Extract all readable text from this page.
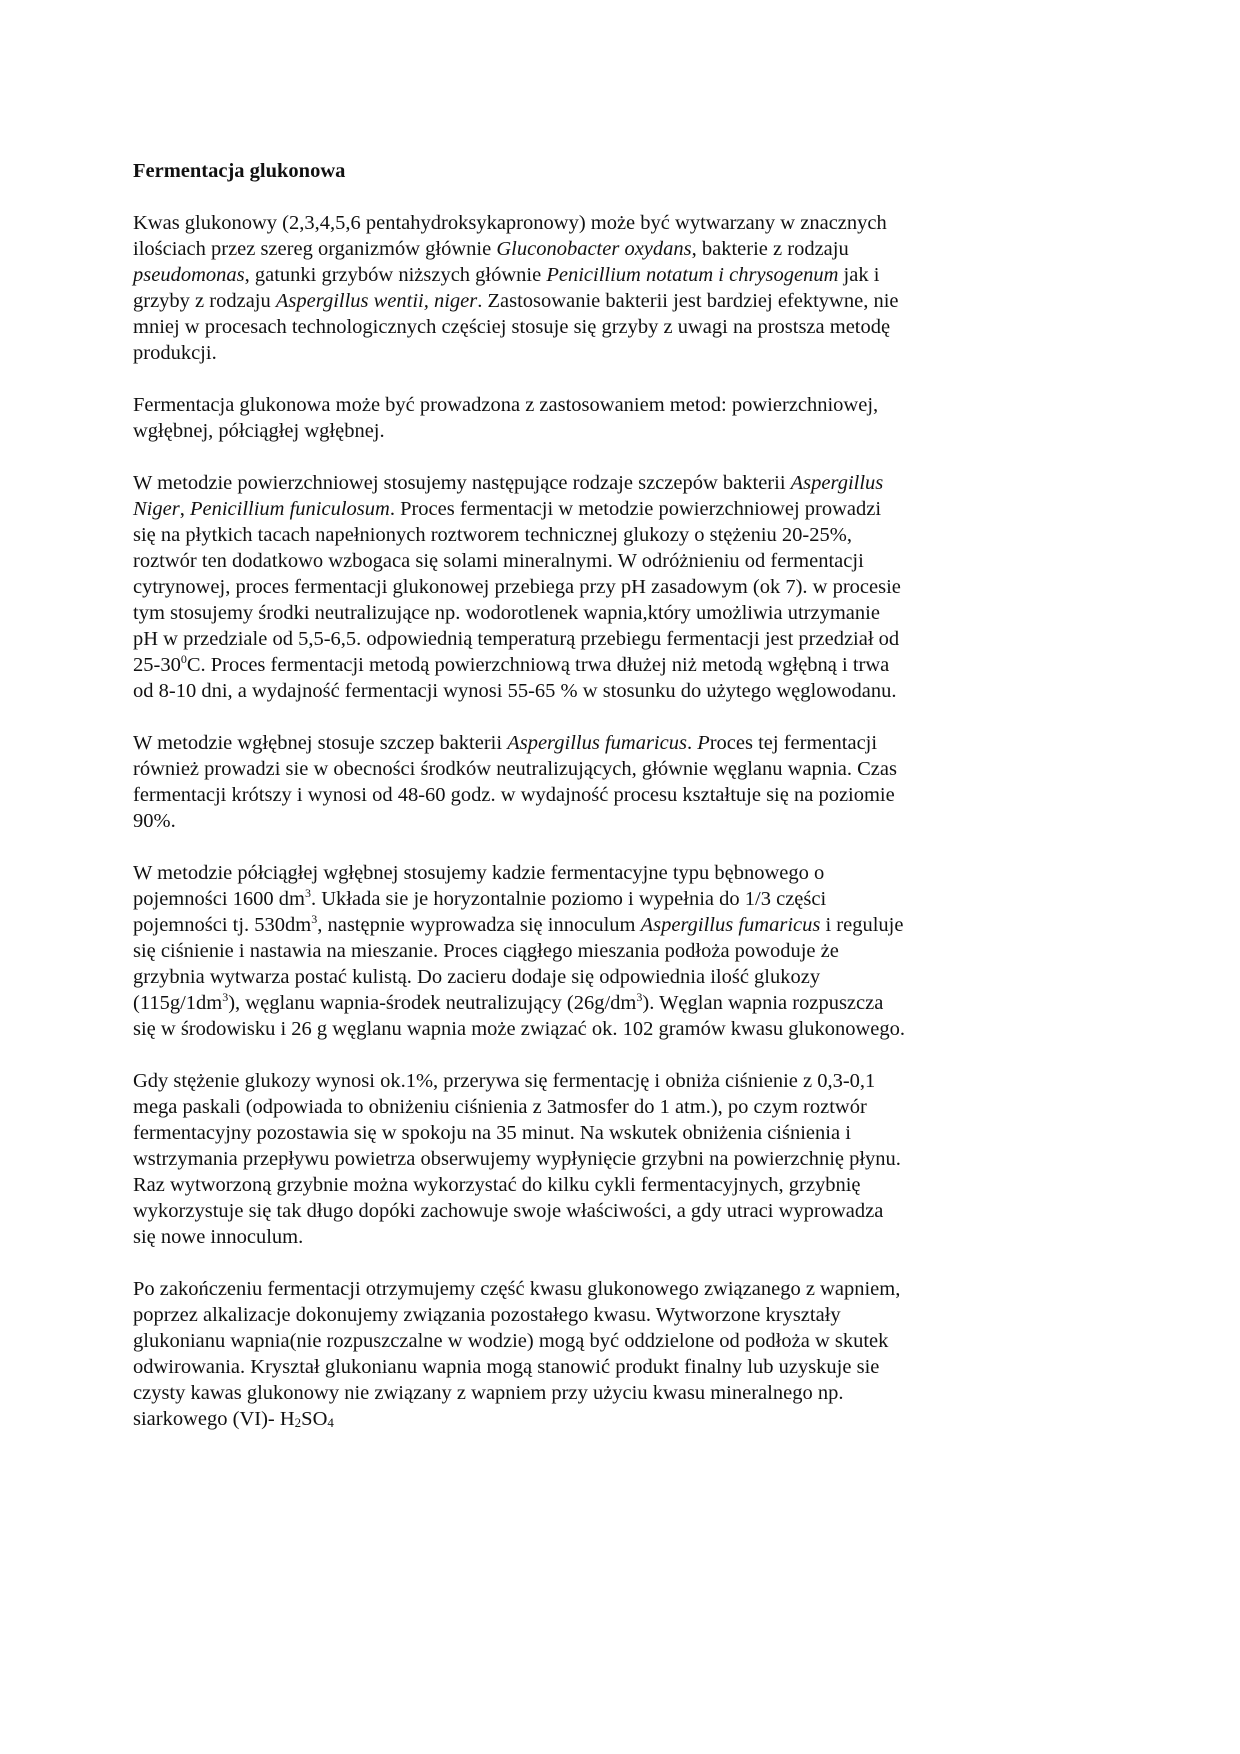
Fermentacja glukonowa
Kwas glukonowy (2,3,4,5,6 pentahydroksykapronowy) może być wytwarzany w znacznych
ilościach przez szereg organizmów głównie Gluconobacter oxydans, bakterie z rodzaju
pseudomonas, gatunki grzybów niższych głównie Penicillium notatum i chrysogenum jak i
grzyby z rodzaju Aspergillus wentii, niger. Zastosowanie bakterii jest bardziej efektywne, nie
mniej w procesach technologicznych częściej stosuje się grzyby z uwagi na prostsza metodę
produkcji.
Fermentacja glukonowa może być prowadzona z zastosowaniem metod: powierzchniowej,
wgłębnej, półciągłej wgłębnej.
W metodzie powierzchniowej stosujemy następujące rodzaje szczepów bakterii Aspergillus
Niger, Penicillium funiculosum. Proces fermentacji w metodzie powierzchniowej prowadzi
się na płytkich tacach napełnionych roztworem technicznej glukozy o stężeniu 20-25%,
roztwór ten dodatkowo wzbogaca się solami mineralnymi. W odróżnieniu od fermentacji
cytrynowej, proces fermentacji glukonowej przebiega przy pH zasadowym (ok 7). w procesie
tym stosujemy środki neutralizujące np. wodorotlenek wapnia,który umożliwia utrzymanie
pH w przedziale od 5,5-6,5. odpowiednią temperaturą przebiegu fermentacji jest przedział od
$25-30^0C$. Proces fermentacji metodą powierzchniową trwa dłużej niż metodą wgłębną i trwa
od 8-10 dni, a wydajność fermentacji wynosi 55-65 % w stosunku do użytego węglowodanu.
W metodzie wgłębnej stosuje szczep bakterii Aspergillus fumaricus. Proces tej fermentacji
również prowadzi sie w obecności środków neutralizujących, głównie węglanu wapnia. Czas
fermentacji krótszy i wynosi od 48-60 godz. w wydajność procesu kształtuje się na poziomie
90%.
W metodzie półciągłej wgłębnej stosujemy kadzie fermentacyjne typu bębnowego o
pojemności 1600 $dm^3$. Układa sie je horyzontalnie poziomo i wypełnia do 1/3 części
pojemności tj. $530dm^3$, następnie wyprowadza się innoculum Aspergillus fumaricus i reguluje
się ciśnienie i nastawia na mieszanie. Proces ciągłego mieszania podłoża powoduje że
grzybnia wytwarza postać kulistą. Do zacieru dodaje się odpowiednia ilość glukozy
$(115g/1dm^3)$, węglanu wapnia-środek neutralizujący $(26g/dm^3)$. Węglan wapnia rozpuszcza
się w środowisku i 26 g węglanu wapnia może związać ok. 102 gramów kwasu glukonowego.
Gdy stężenie glukozy wynosi ok.1%, przerywa się fermentację i obniża ciśnienie z 0,3-0,1
mega paskali (odpowiada to obniżeniu ciśnienia z 3atmosfer do 1 atm.), po czym roztwór
fermentacyjny pozostawia się w spokoju na 35 minut. Na wskutek obniżenia ciśnienia i
wstrzymania przepływu powietrza obserwujemy wypłynięcie grzybni na powierzchnię płynu.
Raz wytworzoną grzybnie można wykorzystać do kilku cykli fermentacyjnych, grzybnię
wykorzystuje się tak długo dopóki zachowuje swoje właściwości, a gdy utraci wyprowadza
się nowe innoculum.
Po zakończeniu fermentacji otrzymujemy część kwasu glukonowego związanego z wapniem,
poprzez alkalizacje dokonujemy związania pozostałego kwasu. Wytworzone kryształy
glukonianu wapnia(nie rozpuszczalne w wodzie) mogą być oddzielone od podłoża w skutek
odwirowania. Kryształ glukonianu wapnia mogą stanowić produkt finalny lub uzyskuje sie
czysty kawas glukonowy nie związany z wapniem przy użyciu kwasu mineralnego np.
siarkowego (VI)- $H_2SO_4$
